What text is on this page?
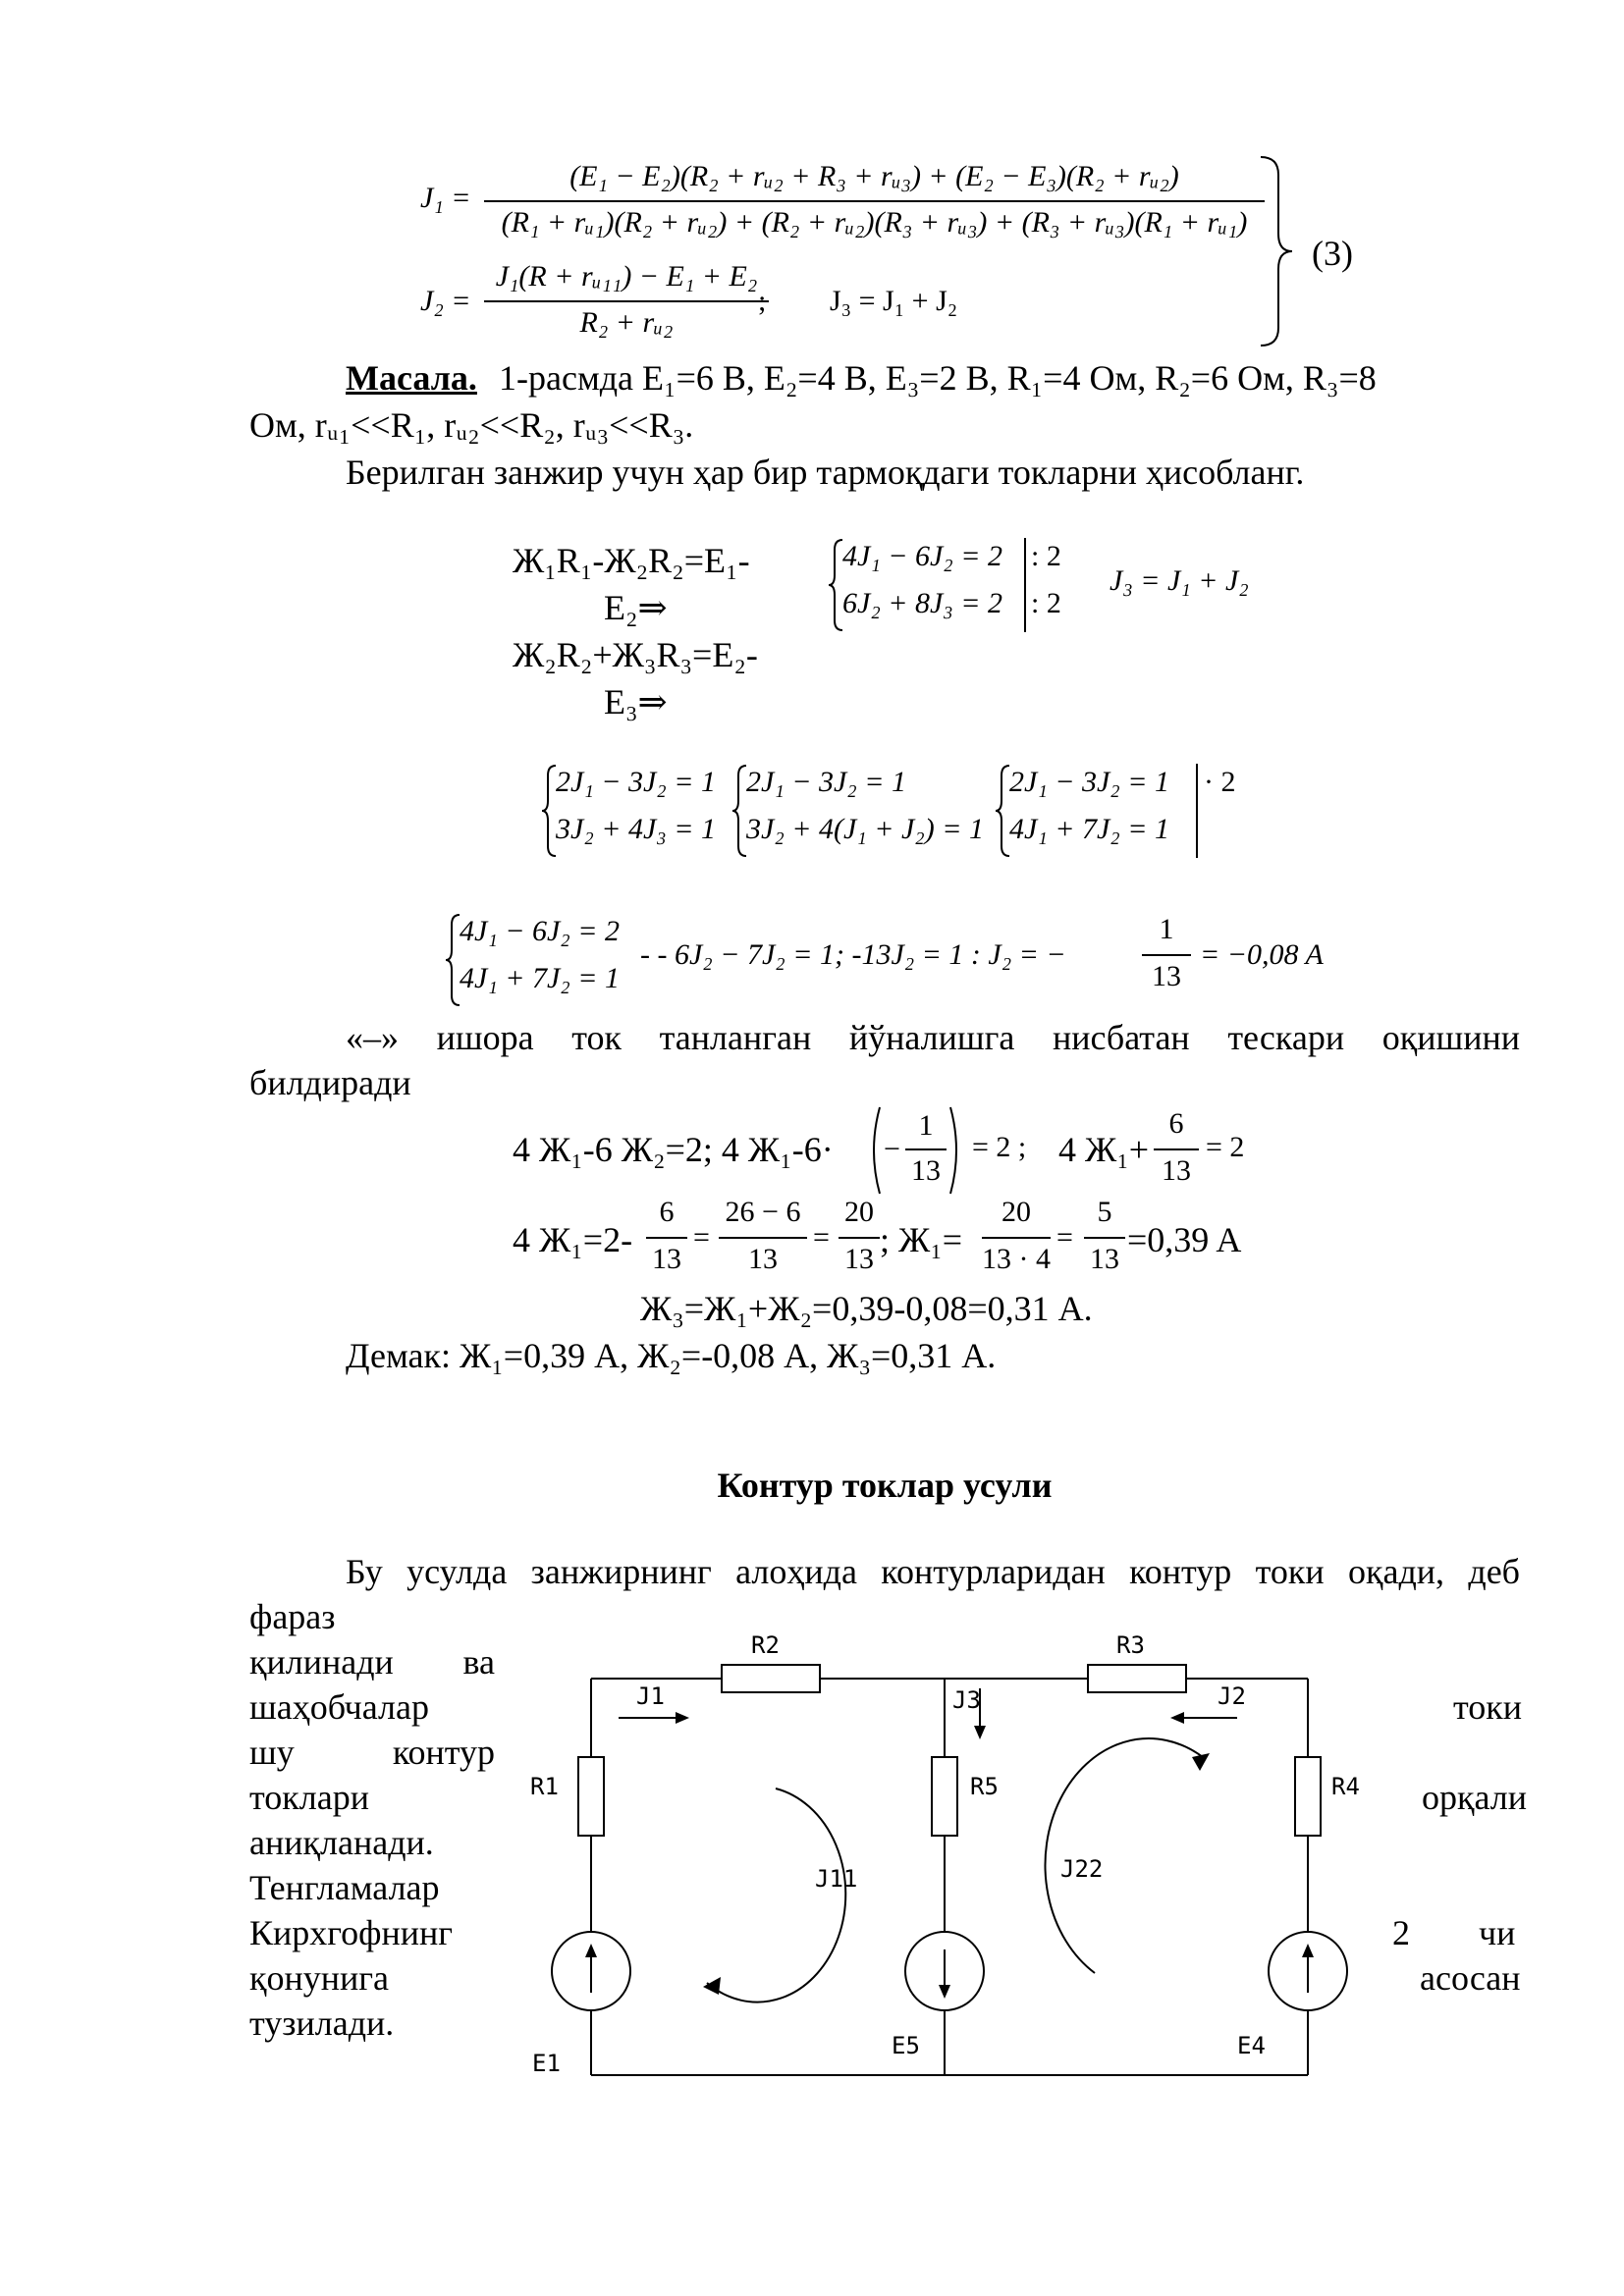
J₁ =
(E₁ − E₂)(R₂ + rᵤ₂ + R₃ + rᵤ₃) + (E₂ − E₃)(R₂ + rᵤ₂)
(R₁ + rᵤ₁)(R₂ + rᵤ₂) + (R₂ + rᵤ₂)(R₃ + rᵤ₃) + (R₃ + rᵤ₃)(R₁ + rᵤ₁)
J₂ =
J₁(R + rᵤ₁₁) − E₁ + E₂
R₂ + rᵤ₂
; J₃ = J₁ + J₂
(3)
Масала. 1-расмда E₁=6 В, E₂=4 В, E₃=2 В, R₁=4 Ом, R₂=6 Ом, R₃=8
Ом, rᵤ₁<<R₁, rᵤ₂<<R₂, rᵤ₃<<R₃.
Берилган занжир учун ҳар бир тармоқдаги токларни ҳисобланг.
Ж₁R₁-Ж₂R₂=E₁-
E₂⇒
Ж₂R₂+Ж₃R₃=E₂-
E₃⇒
4J₁ − 6J₂ = 2
6J₂ + 8J₃ = 2
: 2
: 2
J₃ = J₁ + J₂
2J₁ − 3J₂ = 1
3J₂ + 4J₃ = 1
2J₁ − 3J₂ = 1
3J₂ + 4(J₁ + J₂) = 1
2J₁ − 3J₂ = 1
4J₁ + 7J₂ = 1
· 2
4J₁ − 6J₂ = 2
4J₁ + 7J₂ = 1
- - 6J₂ − 7J₂ = 1; -13J₂ = 1 : J₂ = −
1
13
= −0,08 A
«–» ишора ток танланган йўналишга нисбатан тескари оқишини
билдиради
4 Ж₁-6 Ж₂=2; 4 Ж₁-6· −
1
13
= 2 ; 4 Ж₁+
6
13
= 2
4 Ж₁=2-
6
13
=
26 − 6
13
=
20
13 ; Ж₁=
20
13 · 4
=
5
13 =0,39 A
Ж₃=Ж₁+Ж₂=0,39-0,08=0,31 A.
Демак: Ж₁=0,39 А, Ж₂=-0,08 А, Ж₃=0,31 А.
Контур токлар усули
Бу усулда занжирнинг алоҳида контурларидан контур токи оқади, деб
фараз
қилинади ва
шаҳобчалар
шу контур
токлари
аниқланади.
Тенгламалар
Кирхгофнинг
қонунига
тузилади.
токи
орқали
2 чи
асосан
R2	R3
R1	R5	R4
E1
E5	E4
J1	J3	J2
J11	J22
